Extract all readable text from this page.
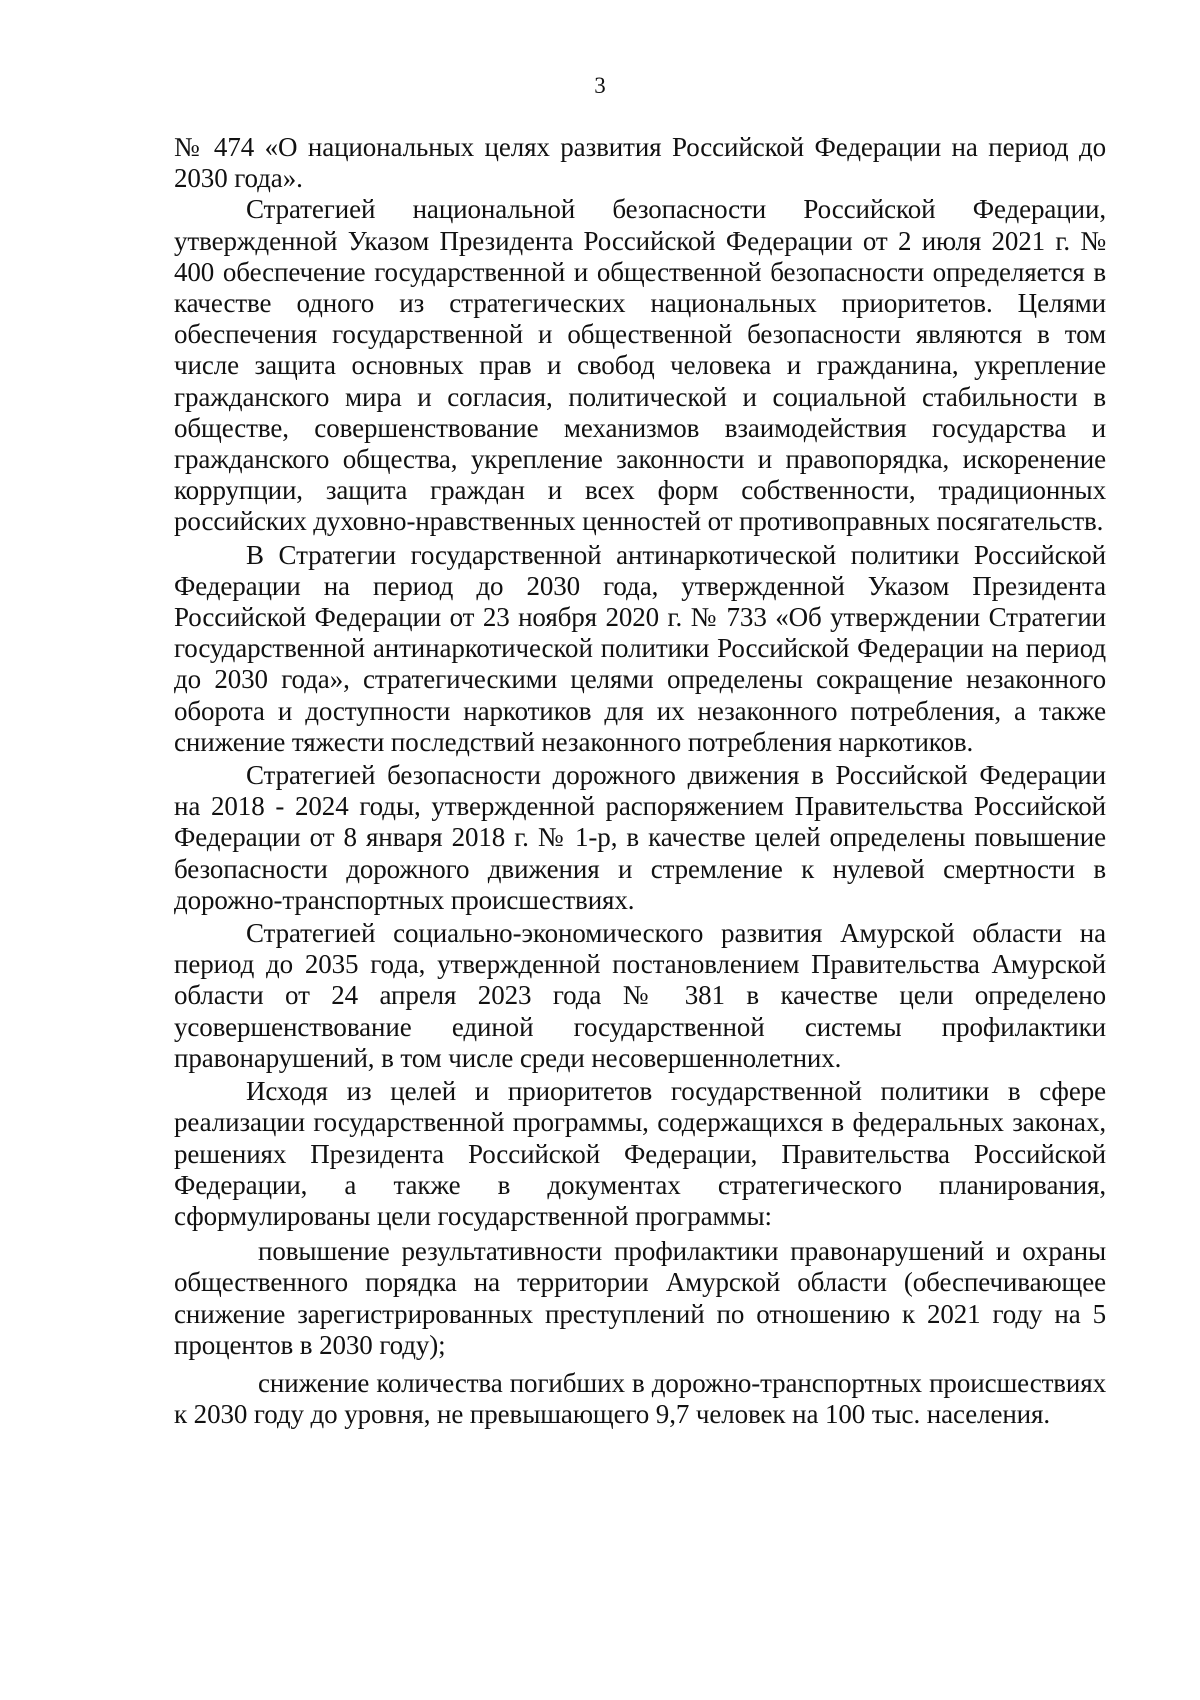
3

№ 474 «О национальных целях развития Российской Федерации на период до 2030 года».

Стратегией национальной безопасности Российской Федерации, утвержденной Указом Президента Российской Федерации от 2 июля 2021 г. № 400 обеспечение государственной и общественной безопасности определяется в качестве одного из стратегических национальных приоритетов. Целями обеспечения государственной и общественной безопасности являются в том числе защита основных прав и свобод человека и гражданина, укрепление гражданского мира и согласия, политической и социальной стабильности в обществе, совершенствование механизмов взаимодействия государства и гражданского общества, укрепление законности и правопорядка, искоренение коррупции, защита граждан и всех форм собственности, традиционных российских духовно-нравственных ценностей от противоправных посягательств.

В Стратегии государственной антинаркотической политики Российской Федерации на период до 2030 года, утвержденной Указом Президента Российской Федерации от 23 ноября 2020 г. № 733 «Об утверждении Стратегии государственной антинаркотической политики Российской Федерации на период до 2030 года», стратегическими целями определены сокращение незаконного оборота и доступности наркотиков для их незаконного потребления, а также снижение тяжести последствий незаконного потребления наркотиков.

Стратегией безопасности дорожного движения в Российской Федерации на 2018 - 2024 годы, утвержденной распоряжением Правительства Российской Федерации от 8 января 2018 г. № 1-р, в качестве целей определены повышение безопасности дорожного движения и стремление к нулевой смертности в дорожно-транспортных происшествиях.

Стратегией социально-экономического развития Амурской области на период до 2035 года, утвержденной постановлением Правительства Амурской области от 24 апреля 2023 года № 381 в качестве цели определено усовершенствование единой государственной системы профилактики правонарушений, в том числе среди несовершеннолетних.

Исходя из целей и приоритетов государственной политики в сфере реализации государственной программы, содержащихся в федеральных законах, решениях Президента Российской Федерации, Правительства Российской Федерации, а также в документах стратегического планирования, сформулированы цели государственной программы:

повышение результативности профилактики правонарушений и охраны общественного порядка на территории Амурской области (обеспечивающее снижение зарегистрированных преступлений по отношению к 2021 году на 5 процентов в 2030 году);

снижение количества погибших в дорожно-транспортных происшествиях к 2030 году до уровня, не превышающего 9,7 человек на 100 тыс. населения.
